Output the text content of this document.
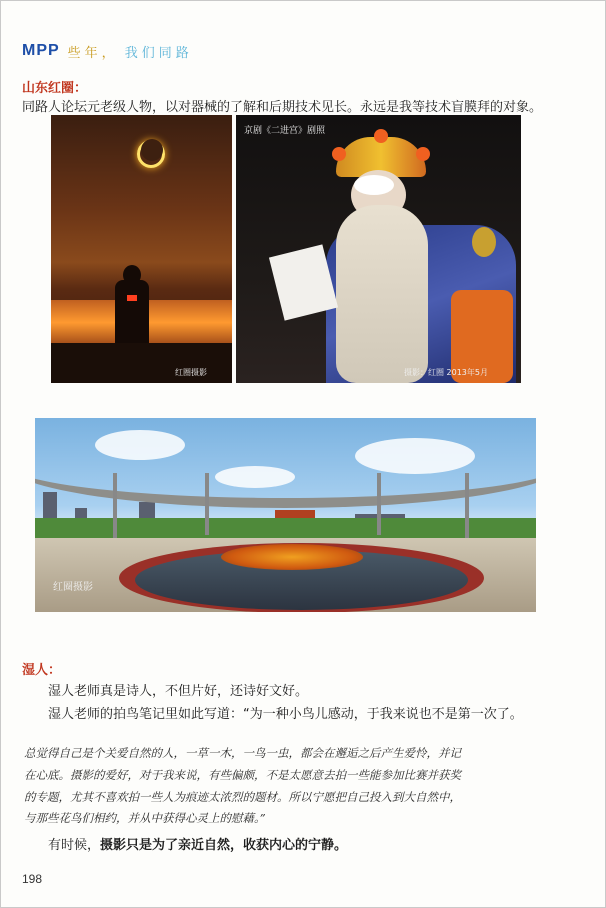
MPP 些年， 我们同路
山东红圈：
同路人论坛元老级人物，以对器械的了解和后期技术见长。永远是我等技术盲膜拜的对象。
红圈摄影
京剧《二进宫》剧照
摄影：红圈 2013年5月
红圈摄影
湿人：
湿人老师真是诗人，不但片好，还诗好文好。
湿人老师的拍鸟笔记里如此写道：“为一种小鸟儿感动，于我来说也不是第一次了。
总觉得自己是个关爱自然的人，一草一木，一鸟一虫，都会在邂逅之后产生爱怜，并记
在心底。摄影的爱好，对于我来说，有些偏颇，不是太愿意去拍一些能参加比赛并获奖
的专题，尤其不喜欢拍一些人为痕迹太浓烈的题材。所以宁愿把自己投入到大自然中，
与那些花鸟们相约，并从中获得心灵上的慰藉。”
有时候，摄影只是为了亲近自然，收获内心的宁静。
198
